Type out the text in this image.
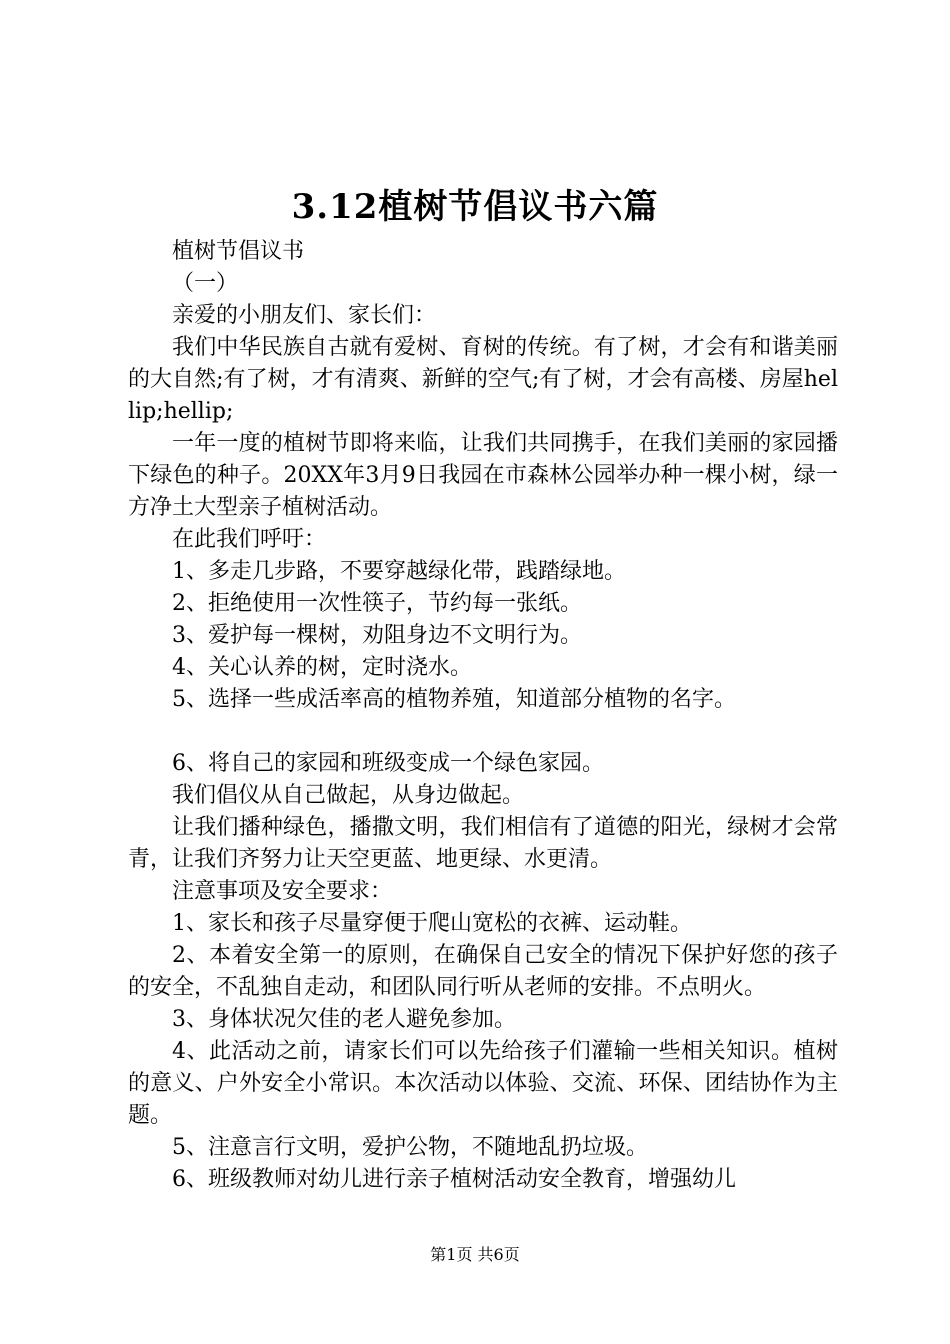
3.12植树节倡议书六篇

植树节倡议书

（一）

亲爱的小朋友们、家长们：

我们中华民族自古就有爱树、育树的传统。有了树，才会有和谐美丽的大自然;有了树，才有清爽、新鲜的空气;有了树，才会有高楼、房屋hellip;hellip;

一年一度的植树节即将来临，让我们共同携手，在我们美丽的家园播下绿色的种子。20XX年3月9日我园在市森林公园举办种一棵小树，绿一方净土大型亲子植树活动。

在此我们呼吁：

1、多走几步路，不要穿越绿化带，践踏绿地。

2、拒绝使用一次性筷子，节约每一张纸。

3、爱护每一棵树，劝阻身边不文明行为。

4、关心认养的树，定时浇水。

5、选择一些成活率高的植物养殖，知道部分植物的名字。

6、将自己的家园和班级变成一个绿色家园。

我们倡仪从自己做起，从身边做起。

让我们播种绿色，播撒文明，我们相信有了道德的阳光，绿树才会常青，让我们齐努力让天空更蓝、地更绿、水更清。

注意事项及安全要求：

1、家长和孩子尽量穿便于爬山宽松的衣裤、运动鞋。

2、本着安全第一的原则，在确保自己安全的情况下保护好您的孩子的安全，不乱独自走动，和团队同行听从老师的安排。不点明火。

3、身体状况欠佳的老人避免参加。

4、此活动之前，请家长们可以先给孩子们灌输一些相关知识。植树的意义、户外安全小常识。本次活动以体验、交流、环保、团结协作为主题。

5、注意言行文明，爱护公物，不随地乱扔垃圾。

6、班级教师对幼儿进行亲子植树活动安全教育，增强幼儿

第1页 共6页
